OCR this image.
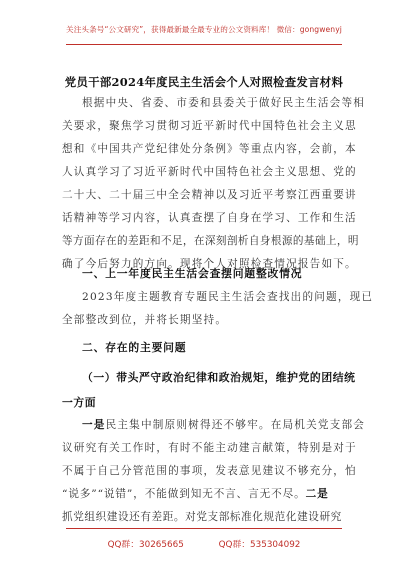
关注头条号“公文研究”，获得最新最全最专业的公文资料库！ 微信：gongwenyj
党员干部2024年度民主生活会个人对照检查发言材料
根据中央、省委、市委和县委关于做好民主生活会等相
关要求，聚焦学习贯彻习近平新时代中国特色社会主义思
想和《中国共产党纪律处分条例》等重点内容，会前，本
人认真学习了习近平新时代中国特色社会主义思想、党的
二十大、二十届三中全会精神以及习近平考察江西重要讲
话精神等学习内容，认真查摆了自身在学习、工作和生活
等方面存在的差距和不足，在深刻剖析自身根源的基础上，明
确了今后努力的方向。现将个人对照检查情况报告如下。
一、上一年度民主生活会查摆问题整改情况
2023年度主题教育专题民主生活会查找出的问题，现已
全部整改到位，并将长期坚持。
二、存在的主要问题
（一）带头严守政治纪律和政治规矩，维护党的团结统
一方面
一是民主集中制原则树得还不够牢。在局机关党支部会
议研究有关工作时，有时不能主动建言献策，特别是对于
不属于自己分管范围的事项，发表意见建议不够充分，怕
“说多”“说错”，不能做到知无不言、言无不尽。二是
抓党组织建设还有差距。对党支部标准化规范化建设研究
QQ群：30265665	QQ群：535304092
